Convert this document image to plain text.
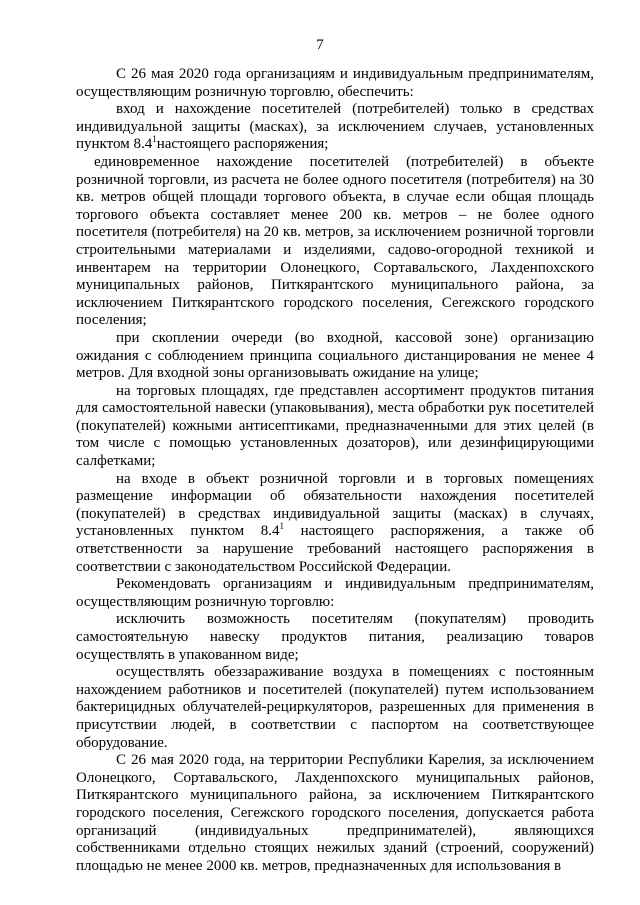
7

С 26 мая 2020 года организациям и индивидуальным предпринимателям, осуществляющим розничную торговлю, обеспечить:

вход и нахождение посетителей (потребителей) только в средствах индивидуальной защиты (масках), за исключением случаев, установленных пунктом $8.4^1настоящего$ распоряжения;

единовременное нахождение посетителей (потребителей) в объекте розничной торговли, из расчета не более одного посетителя (потребителя) на 30 кв. метров общей площади торгового объекта, в случае если общая площадь торгового объекта составляет менее 200 кв. метров – не более одного посетителя (потребителя) на 20 кв. метров, за исключением розничной торговли строительными материалами и изделиями, садово-огородной техникой и инвентарем на территории Олонецкого, Сортавальского, Лахденпохского муниципальных районов, Питкярантского муниципального района, за исключением Питкярантского городского поселения, Сегежского городского поселения;

при скоплении очереди (во входной, кассовой зоне) организацию ожидания с соблюдением принципа социального дистанцирования не менее 4 метров. Для входной зоны организовывать ожидание на улице;

на торговых площадях, где представлен ассортимент продуктов питания для самостоятельной навески (упаковывания), места обработки рук посетителей (покупателей) кожными антисептиками, предназначенными для этих целей (в том числе с помощью установленных дозаторов), или дезинфицирующими салфетками;

на входе в объект розничной торговли и в торговых помещениях размещение информации об обязательности нахождения посетителей (покупателей) в средствах индивидуальной защиты (масках) в случаях, установленных пунктом $8.4^1$ настоящего распоряжения, а также об ответственности за нарушение требований настоящего распоряжения в соответствии с законодательством Российской Федерации.

Рекомендовать организациям и индивидуальным предпринимателям, осуществляющим розничную торговлю:

исключить возможность посетителям (покупателям) проводить самостоятельную навеску продуктов питания, реализацию товаров осуществлять в упакованном виде;

осуществлять обеззараживание воздуха в помещениях с постоянным нахождением работников и посетителей (покупателей) путем использованием бактерицидных облучателей-рециркуляторов, разрешенных для применения в присутствии людей, в соответствии с паспортом на соответствующее оборудование.

С 26 мая 2020 года, на территории Республики Карелия, за исключением Олонецкого, Сортавальского, Лахденпохского муниципальных районов, Питкярантского муниципального района, за исключением Питкярантского городского поселения, Сегежского городского поселения, допускается работа организаций (индивидуальных предпринимателей), являющихся собственниками отдельно стоящих нежилых зданий (строений, сооружений) площадью не менее 2000 кв. метров, предназначенных для использования в
